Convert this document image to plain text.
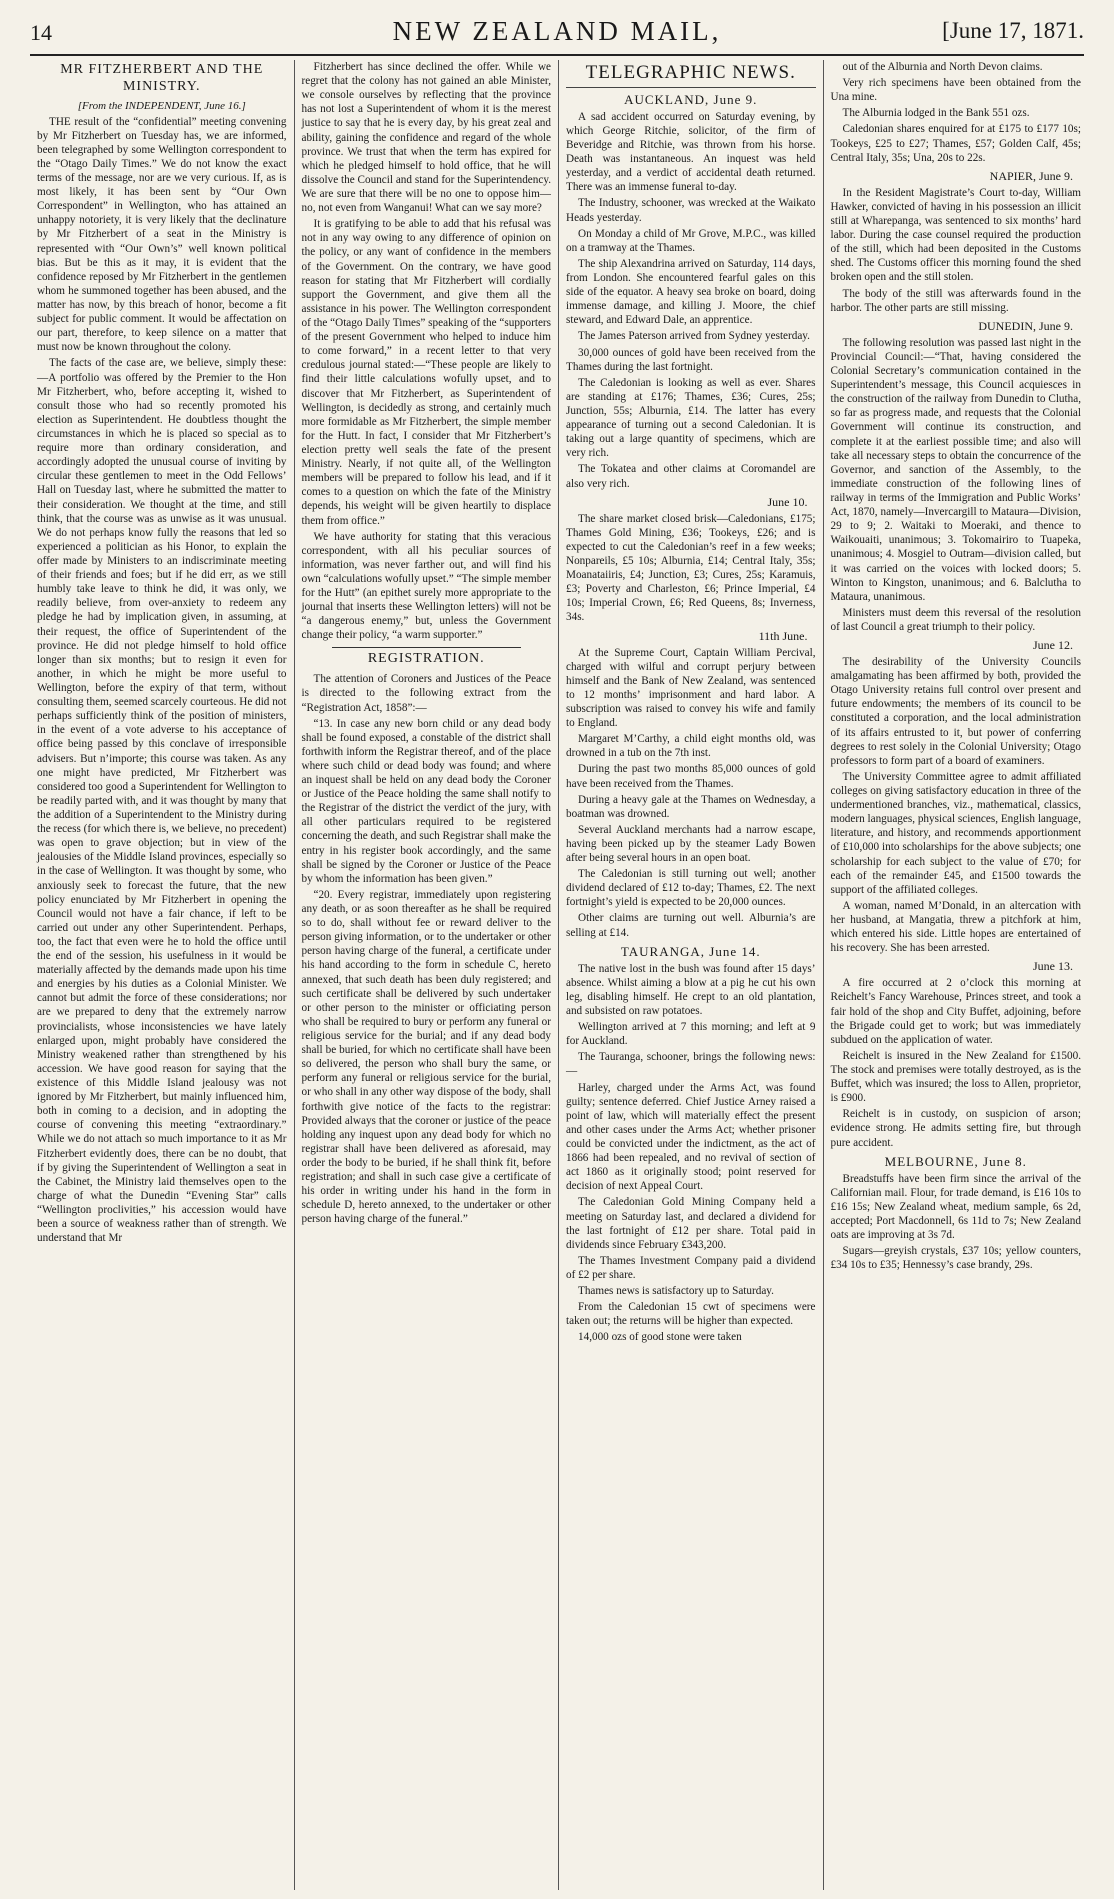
14	NEW ZEALAND MAIL,	[June 17, 1871.
MR FITZHERBERT AND THE MINISTRY.
[From the INDEPENDENT, June 16.]

THE result of the “confidential” meeting convening by Mr Fitzherbert on Tuesday has, we are informed, been telegraphed by some Wellington correspondent to the “Otago Daily Times.” We do not know the exact terms of the message, nor are we very curious. If, as is most likely, it has been sent by “Our Own Correspondent” in Wellington, who has attained an unhappy notoriety, it is very likely that the declinature by Mr Fitzherbert of a seat in the Ministry is represented with “Our Own’s” well known political bias. But be this as it may, it is evident that the confidence reposed by Mr Fitzherbert in the gentlemen whom he summoned together has been abused, and the matter has now, by this breach of honor, become a fit subject for public comment. It would be affectation on our part, therefore, to keep silence on a matter that must now be known throughout the colony.

The facts of the case are, we believe, simply these:—A portfolio was offered by the Premier to the Hon Mr Fitzherbert, who, before accepting it, wished to consult those who had so recently promoted his election as Superintendent. He doubtless thought the circumstances in which he is placed so special as to require more than ordinary consideration, and accordingly adopted the unusual course of inviting by circular these gentlemen to meet in the Odd Fellows’ Hall on Tuesday last, where he submitted the matter to their consideration. We thought at the time, and still think, that the course was as unwise as it was unusual. We do not perhaps know fully the reasons that led so experienced a politician as his Honor, to explain the offer made by Ministers to an indiscriminate meeting of their friends and foes; but if he did err, as we still humbly take leave to think he did, it was only, we readily believe, from over-anxiety to redeem any pledge he had by implication given, in assuming, at their request, the office of Superintendent of the province. He did not pledge himself to hold office longer than six months; but to resign it even for another, in which he might be more useful to Wellington, before the expiry of that term, without consulting them, seemed scarcely courteous. He did not perhaps sufficiently think of the position of ministers, in the event of a vote adverse to his acceptance of office being passed by this conclave of irresponsible advisers. But n’importe; this course was taken. As any one might have predicted, Mr Fitzherbert was considered too good a Superintendent for Wellington to be readily parted with, and it was thought by many that the addition of a Superintendent to the Ministry during the recess (for which there is, we believe, no precedent) was open to grave objection; but in view of the jealousies of the Middle Island provinces, especially so in the case of Wellington. It was thought by some, who anxiously seek to forecast the future, that the new policy enunciated by Mr Fitzherbert in opening the Council would not have a fair chance, if left to be carried out under any other Superintendent. Perhaps, too, the fact that even were he to hold the office until the end of the session, his usefulness in it would be materially affected by the demands made upon his time and energies by his duties as a Colonial Minister. We cannot but admit the force of these considerations; nor are we prepared to deny that the extremely narrow provincialists, whose inconsistencies we have lately enlarged upon, might probably have considered the Ministry weakened rather than strengthened by his accession. We have good reason for saying that the existence of this Middle Island jealousy was not ignored by Mr Fitzherbert, but mainly influenced him, both in coming to a decision, and in adopting the course of convening this meeting “extraordinary.” While we do not attach so much importance to it as Mr Fitzherbert evidently does, there can be no doubt, that if by giving the Superintendent of Wellington a seat in the Cabinet, the Ministry laid themselves open to the charge of what the Dunedin “Evening Star” calls “Wellington proclivities,” his accession would have been a source of weakness rather than of strength. We understand that Mr

Fitzherbert has since declined the offer. While we regret that the colony has not gained an able Minister, we console ourselves by reflecting that the province has not lost a Superintendent of whom it is the merest justice to say that he is every day, by his great zeal and ability, gaining the confidence and regard of the whole province. We trust that when the term has expired for which he pledged himself to hold office, that he will dissolve the Council and stand for the Superintendency. We are sure that there will be no one to oppose him—no, not even from Wanganui! What can we say more?

It is gratifying to be able to add that his refusal was not in any way owing to any difference of opinion on the policy, or any want of confidence in the members of the Government. On the contrary, we have good reason for stating that Mr Fitzherbert will cordially support the Government, and give them all the assistance in his power. The Wellington correspondent of the “Otago Daily Times” speaking of the “supporters of the present Government who helped to induce him to come forward,” in a recent letter to that very credulous journal stated:—“These people are likely to find their little calculations wofully upset, and to discover that Mr Fitzherbert, as Superintendent of Wellington, is decidedly as strong, and certainly much more formidable as Mr Fitzherbert, the simple member for the Hutt. In fact, I consider that Mr Fitzherbert’s election pretty well seals the fate of the present Ministry. Nearly, if not quite all, of the Wellington members will be prepared to follow his lead, and if it comes to a question on which the fate of the Ministry depends, his weight will be given heartily to displace them from office.”

We have authority for stating that this veracious correspondent, with all his peculiar sources of information, was never farther out, and will find his own “calculations wofully upset.” “The simple member for the Hutt” (an epithet surely more appropriate to the journal that inserts these Wellington letters) will not be “a dangerous enemy,” but, unless the Government change their policy, “a warm supporter.”

REGISTRATION.

The attention of Coroners and Justices of the Peace is directed to the following extract from the “Registration Act, 1858”:—

“13. In case any new born child or any dead body shall be found exposed, a constable of the district shall forthwith inform the Registrar thereof, and of the place where such child or dead body was found; and where an inquest shall be held on any dead body the Coroner or Justice of the Peace holding the same shall notify to the Registrar of the district the verdict of the jury, with all other particulars required to be registered concerning the death, and such Registrar shall make the entry in his register book accordingly, and the same shall be signed by the Coroner or Justice of the Peace by whom the information has been given.”

“20. Every registrar, immediately upon registering any death, or as soon thereafter as he shall be required so to do, shall without fee or reward deliver to the person giving information, or to the undertaker or other person having charge of the funeral, a certificate under his hand according to the form in schedule C, hereto annexed, that such death has been duly registered; and such certificate shall be delivered by such undertaker or other person to the minister or officiating person who shall be required to bury or perform any funeral or religious service for the burial; and if any dead body shall be buried, for which no certificate shall have been so delivered, the person who shall bury the same, or perform any funeral or religious service for the burial, or who shall in any other way dispose of the body, shall forthwith give notice of the facts to the registrar: Provided always that the coroner or justice of the peace holding any inquest upon any dead body for which no registrar shall have been delivered as aforesaid, may order the body to be buried, if he shall think fit, before registration; and shall in such case give a certificate of his order in writing under his hand in the form in schedule D, hereto annexed, to the undertaker or other person having charge of the funeral.”

TELEGRAPHIC NEWS.
AUCKLAND, June 9.

A sad accident occurred on Saturday evening, by which George Ritchie, solicitor, of the firm of Beveridge and Ritchie, was thrown from his horse. Death was instantaneous. An inquest was held yesterday, and a verdict of accidental death returned. There was an immense funeral to-day.

The Industry, schooner, was wrecked at the Waikato Heads yesterday.

On Monday a child of Mr Grove, M.P.C., was killed on a tramway at the Thames.

The ship Alexandrina arrived on Saturday, 114 days, from London. She encountered fearful gales on this side of the equator. A heavy sea broke on board, doing immense damage, and killing J. Moore, the chief steward, and Edward Dale, an apprentice.

The James Paterson arrived from Sydney yesterday.

30,000 ounces of gold have been received from the Thames during the last fortnight.

The Caledonian is looking as well as ever. Shares are standing at £176; Thames, £36; Cures, 25s; Junction, 55s; Alburnia, £14. The latter has every appearance of turning out a second Caledonian. It is taking out a large quantity of specimens, which are very rich.

The Tokatea and other claims at Coromandel are also very rich.

June 10.

The share market closed brisk—Caledonians, £175; Thames Gold Mining, £36; Tookeys, £26; and is expected to cut the Caledonian’s reef in a few weeks; Nonpareils, £5 10s; Alburnia, £14; Central Italy, 35s; Moanataiiris, £4; Junction, £3; Cures, 25s; Karamuis, £3; Poverty and Charleston, £6; Prince Imperial, £4 10s; Imperial Crown, £6; Red Queens, 8s; Inverness, 34s.

11th June.

At the Supreme Court, Captain William Percival, charged with wilful and corrupt perjury between himself and the Bank of New Zealand, was sentenced to 12 months’ imprisonment and hard labor. A subscription was raised to convey his wife and family to England.

Margaret M’Carthy, a child eight months old, was drowned in a tub on the 7th inst.

During the past two months 85,000 ounces of gold have been received from the Thames.

During a heavy gale at the Thames on Wednesday, a boatman was drowned.

Several Auckland merchants had a narrow escape, having been picked up by the steamer Lady Bowen after being several hours in an open boat.

The Caledonian is still turning out well; another dividend declared of £12 to-day; Thames, £2. The next fortnight’s yield is expected to be 20,000 ounces.

Other claims are turning out well. Alburnia’s are selling at £14.

TAURANGA, June 14.

The native lost in the bush was found after 15 days’ absence. Whilst aiming a blow at a pig he cut his own leg, disabling himself. He crept to an old plantation, and subsisted on raw potatoes.

Wellington arrived at 7 this morning; and left at 9 for Auckland.

The Tauranga, schooner, brings the following news:—

Harley, charged under the Arms Act, was found guilty; sentence deferred. Chief Justice Arney raised a point of law, which will materially effect the present and other cases under the Arms Act; whether prisoner could be convicted under the indictment, as the act of 1866 had been repealed, and no revival of section of act 1860 as it originally stood; point reserved for decision of next Appeal Court.

The Caledonian Gold Mining Company held a meeting on Saturday last, and declared a dividend for the last fortnight of £12 per share. Total paid in dividends since February £343,200.

The Thames Investment Company paid a dividend of £2 per share.

Thames news is satisfactory up to Saturday.

From the Caledonian 15 cwt of specimens were taken out; the returns will be higher than expected.

14,000 ozs of good stone were taken

out of the Alburnia and North Devon claims.

Very rich specimens have been obtained from the Una mine.

The Alburnia lodged in the Bank 551 ozs.

Caledonian shares enquired for at £175 to £177 10s; Tookeys, £25 to £27; Thames, £57; Golden Calf, 45s; Central Italy, 35s; Una, 20s to 22s.

NAPIER, June 9.

In the Resident Magistrate’s Court to-day, William Hawker, convicted of having in his possession an illicit still at Wharepanga, was sentenced to six months’ hard labor. During the case counsel required the production of the still, which had been deposited in the Customs shed. The Customs officer this morning found the shed broken open and the still stolen.

The body of the still was afterwards found in the harbor. The other parts are still missing.

DUNEDIN, June 9.

The following resolution was passed last night in the Provincial Council:—“That, having considered the Colonial Secretary’s communication contained in the Superintendent’s message, this Council acquiesces in the construction of the railway from Dunedin to Clutha, so far as progress made, and requests that the Colonial Government will continue its construction, and complete it at the earliest possible time; and also will take all necessary steps to obtain the concurrence of the Governor, and sanction of the Assembly, to the immediate construction of the following lines of railway in terms of the Immigration and Public Works’ Act, 1870, namely—Invercargill to Mataura—Division, 29 to 9; 2. Waitaki to Moeraki, and thence to Waikouaiti, unanimous; 3. Tokomairiro to Tuapeka, unanimous; 4. Mosgiel to Outram—division called, but it was carried on the voices with locked doors; 5. Winton to Kingston, unanimous; and 6. Balclutha to Mataura, unanimous.

Ministers must deem this reversal of the resolution of last Council a great triumph to their policy.

June 12.

The desirability of the University Councils amalgamating has been affirmed by both, provided the Otago University retains full control over present and future endowments; the members of its council to be constituted a corporation, and the local administration of its affairs entrusted to it, but power of conferring degrees to rest solely in the Colonial University; Otago professors to form part of a board of examiners.

The University Committee agree to admit affiliated colleges on giving satisfactory education in three of the undermentioned branches, viz., mathematical, classics, modern languages, physical sciences, English language, literature, and history, and recommends apportionment of £10,000 into scholarships for the above subjects; one scholarship for each subject to the value of £70; for each of the remainder £45, and £1500 towards the support of the affiliated colleges.

A woman, named M’Donald, in an altercation with her husband, at Mangatia, threw a pitchfork at him, which entered his side. Little hopes are entertained of his recovery. She has been arrested.

June 13.

A fire occurred at 2 o’clock this morning at Reichelt’s Fancy Warehouse, Princes street, and took a fair hold of the shop and City Buffet, adjoining, before the Brigade could get to work; but was immediately subdued on the application of water.

Reichelt is insured in the New Zealand for £1500. The stock and premises were totally destroyed, as is the Buffet, which was insured; the loss to Allen, proprietor, is £900.

Reichelt is in custody, on suspicion of arson; evidence strong. He admits setting fire, but through pure accident.

MELBOURNE, June 8.

Breadstuffs have been firm since the arrival of the Californian mail. Flour, for trade demand, is £16 10s to £16 15s; New Zealand wheat, medium sample, 6s 2d, accepted; Port Macdonnell, 6s 11d to 7s; New Zealand oats are improving at 3s 7d.

Sugars—greyish crystals, £37 10s; yellow counters, £34 10s to £35; Hennessy’s case brandy, 29s.
